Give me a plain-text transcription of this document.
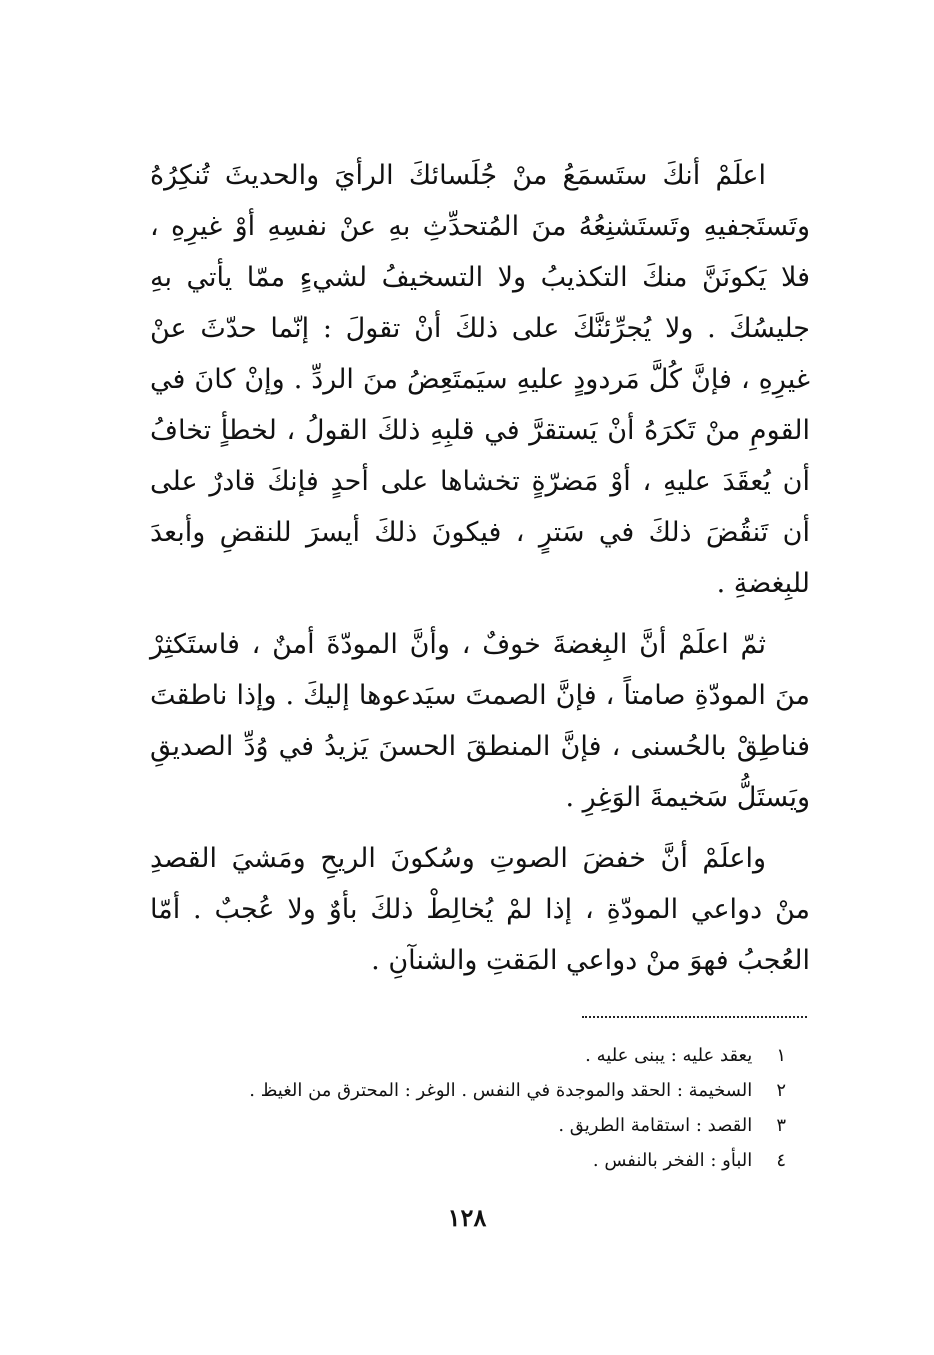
اعلَمْ أنكَ ستَسمَعُ منْ جُلَسائكَ الرأيَ والحديثَ تُنكِرُهُ وتَستَجفيهِ وتَستَشنِعُهُ منَ المُتحدِّثِ بهِ عنْ نفسِهِ أوْ غيرِهِ ، فلا يَكونَنَّ منكَ التكذيبُ ولا التسخيفُ لشيءٍ ممّا يأتي بهِ جليسُكَ . ولا يُجرِّئنَّكَ على ذلكَ أنْ تقولَ : إنّما حدّثَ عنْ غيرِهِ ، فإنَّ كُلَّ مَردودٍ عليهِ سيَمتَعِضُ منَ الردِّ . وإنْ كانَ في القومِ منْ تَكرَهُ أنْ يَستقرَّ في قلبِهِ ذلكَ القولُ ، لخطأٍ تخافُ أن يُعقَدَ عليهِ ، أوْ مَضرّةٍ تخشاها على أحدٍ فإنكَ قادرٌ على أن تَنقُضَ ذلكَ في سَترٍ ، فيكونَ ذلكَ أيسرَ للنقضِ وأبعدَ للبِغضةِ .

ثمّ اعلَمْ أنَّ البِغضةَ خوفٌ ، وأنَّ المودّةَ أمنٌ ، فاستَكثِرْ منَ المودّةِ صامتاً ، فإنَّ الصمتَ سيَدعوها إليكَ . وإذا ناطقتَ فناطِقْ بالحُسنى ، فإنَّ المنطقَ الحسنَ يَزيدُ في وُدِّ الصديقِ ويَستَلُّ سَخيمةَ الوَغِرِ .

واعلَمْ أنَّ خفضَ الصوتِ وسُكونَ الريحِ ومَشيَ القصدِ منْ دواعي المودّةِ ، إذا لمْ يُخالِطْ ذلكَ بأوٌ ولا عُجبٌ . أمّا العُجبُ فهوَ منْ دواعي المَقتِ والشنآنِ .

١ يعقد عليه : يبنى عليه .

٢ السخيمة : الحقد والموجدة في النفس . الوغر : المحترق من الغيظ .

٣ القصد : استقامة الطريق .

٤ البأو : الفخر بالنفس .

١٢٨
